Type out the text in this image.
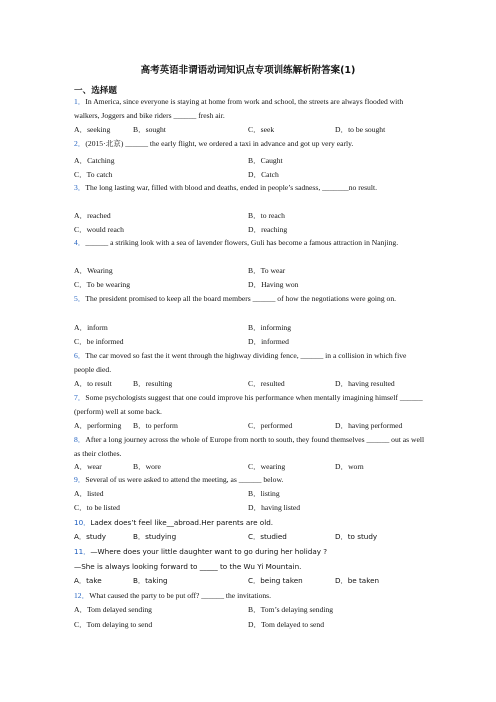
高考英语非谓语动词知识点专项训练解析附答案(1)
一、选择题
1．In America, since everyone is staying at home from work and school, the streets are always flooded with walkers, Joggers and bike riders ______ fresh air.
A．seeking	B．sought	C．seek	D．to be sought
2．(2015·北京) ______ the early flight, we ordered a taxi in advance and got up very early.
A．Catching	B．Caught
C．To catch	D．Catch
3．The long lasting war, filled with blood and deaths, ended in people’s sadness, _______no result.
A．reached	B．to reach
C．would reach	D．reaching
4．______ a striking look with a sea of lavender flowers, Guli has become a famous attraction in Nanjing.
A．Wearing	B．To wear
C．To be wearing	D．Having won
5．The president promised to keep all the board members ______ of how the negotiations were going on.
A．inform	B．informing
C．be informed	D．informed
6．The car moved so fast the it went through the highway dividing fence, ______ in a collision in which five people died.
A．to result	B．resulting	C．resulted	D．having resulted
7．Some psychologists suggest that one could improve his performance when mentally imagining himself ______ (perform) well at some back.
A．performing B．to perform	C．performed	D．having performed
8．After a long journey across the whole of Europe from north to south, they found themselves ______ out as well as their clothes.
A．wear	B．wore	C．wearing	D．worn
9．Several of us were asked to attend the meeting, as ______ below.
A．listed	B．listing
C．to be listed	D．having listed
10．Ladex does’t feel like__abroad.Her parents are old.
A．study	B．studying	C．studied	D．to study
11．—Where does your little daughter want to go during her holiday ?
—She is always looking forward to _____ to the Wu Yi Mountain.
A．take	B．taking	C．being taken	D．be taken
12．What caused the party to be put off? ______ the invitations.
A．Tom delayed sending	B．Tom’s delaying sending
C．Tom delaying to send	D．Tom delayed to send
